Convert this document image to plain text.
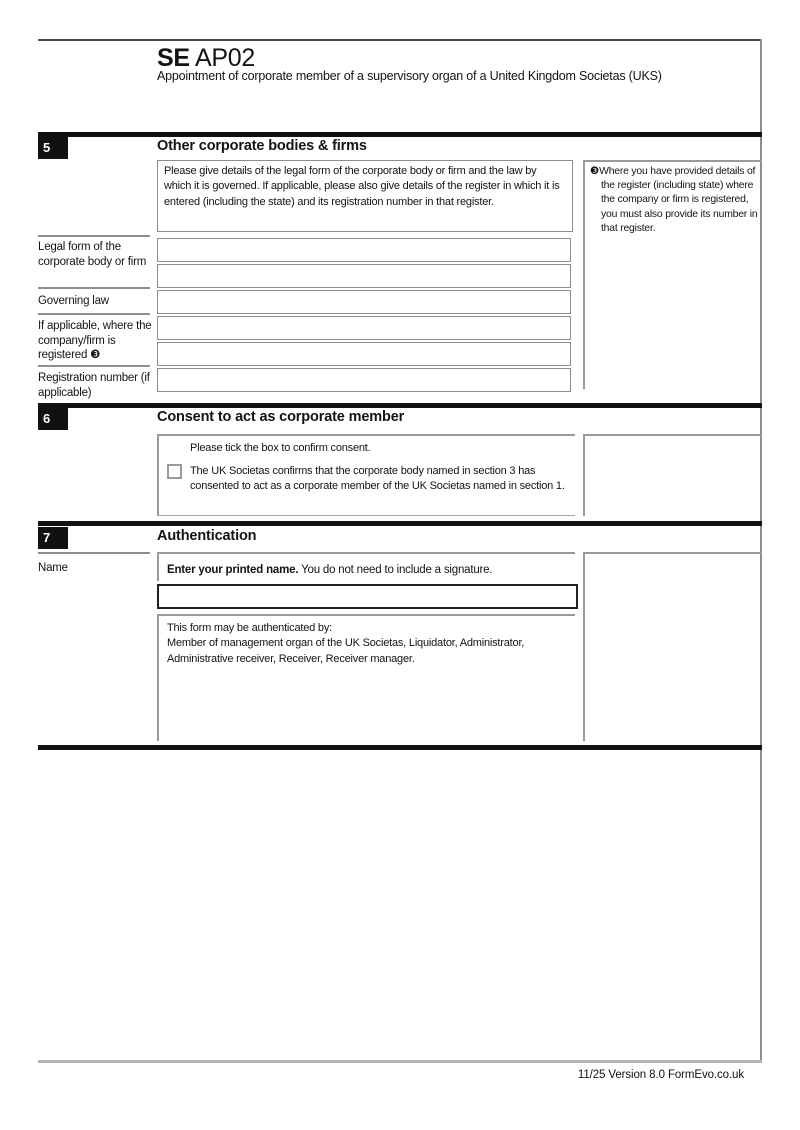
SE AP02
Appointment of corporate member of a supervisory organ of a United Kingdom Societas (UKS)
5	Other corporate bodies & firms
Please give details of the legal form of the corporate body or firm and the law by which it is governed. If applicable, please also give details of the register in which it is entered (including the state) and its registration number in that register.
❸Where you have provided details of the register (including state) where the company or firm is registered, you must also provide its number in that register.
Legal form of the corporate body or firm
Governing law
If applicable, where the company/firm is registered ❸
Registration number (if applicable)
6	Consent to act as corporate member
Please tick the box to confirm consent.
The UK Societas confirms that the corporate body named in section 3 has consented to act as a corporate member of the UK Societas named in section 1.
7	Authentication
Name	Enter your printed name. You do not need to include a signature.
This form may be authenticated by:
Member of management organ of the UK Societas, Liquidator, Administrator, Administrative receiver, Receiver, Receiver manager.
11/25 Version 8.0 FormEvo.co.uk
